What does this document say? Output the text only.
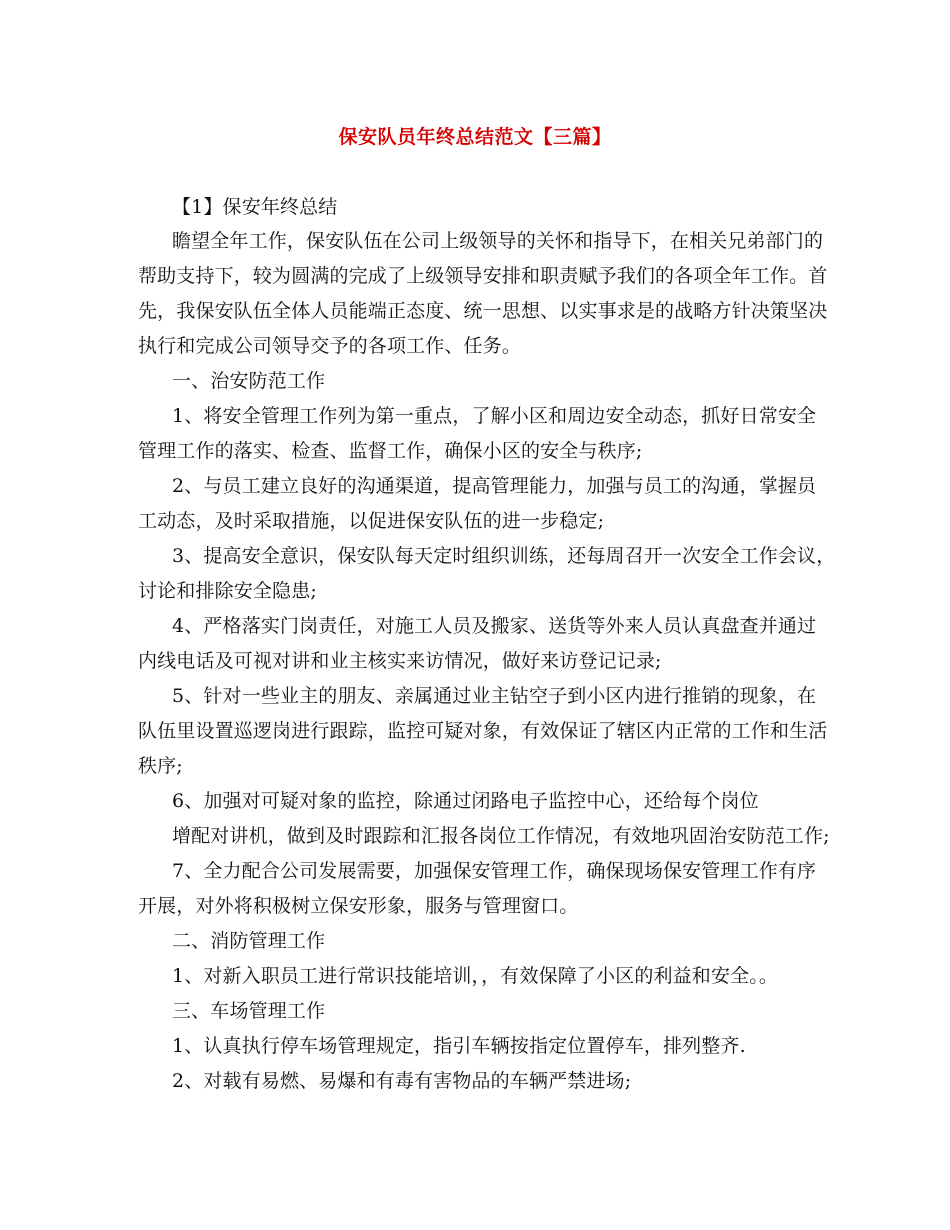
保安队员年终总结范文【三篇】
【1】保安年终总结
瞻望全年工作，保安队伍在公司上级领导的关怀和指导下，在相关兄弟部门的
帮助支持下，较为圆满的完成了上级领导安排和职责赋予我们的各项全年工作。首
先，我保安队伍全体人员能端正态度、统一思想、以实事求是的战略方针决策坚决
执行和完成公司领导交予的各项工作、任务。
一、治安防范工作
1、将安全管理工作列为第一重点，了解小区和周边安全动态，抓好日常安全
管理工作的落实、检查、监督工作，确保小区的安全与秩序;
2、与员工建立良好的沟通渠道，提高管理能力，加强与员工的沟通，掌握员
工动态，及时采取措施，以促进保安队伍的进一步稳定;
3、提高安全意识，保安队每天定时组织训练，还每周召开一次安全工作会议，
讨论和排除安全隐患;
4、严格落实门岗责任，对施工人员及搬家、送货等外来人员认真盘查并通过
内线电话及可视对讲和业主核实来访情况，做好来访登记记录;
5、针对一些业主的朋友、亲属通过业主钻空子到小区内进行推销的现象，在
队伍里设置巡逻岗进行跟踪，监控可疑对象，有效保证了辖区内正常的工作和生活
秩序;
6、加强对可疑对象的监控，除通过闭路电子监控中心，还给每个岗位
增配对讲机，做到及时跟踪和汇报各岗位工作情况，有效地巩固治安防范工作;
7、全力配合公司发展需要，加强保安管理工作，确保现场保安管理工作有序
开展，对外将积极树立保安形象，服务与管理窗口。
二、消防管理工作
1、对新入职员工进行常识技能培训，，有效保障了小区的利益和安全。。
三、车场管理工作
1、认真执行停车场管理规定，指引车辆按指定位置停车，排列整齐.
2、对载有易燃、易爆和有毒有害物品的车辆严禁进场;
